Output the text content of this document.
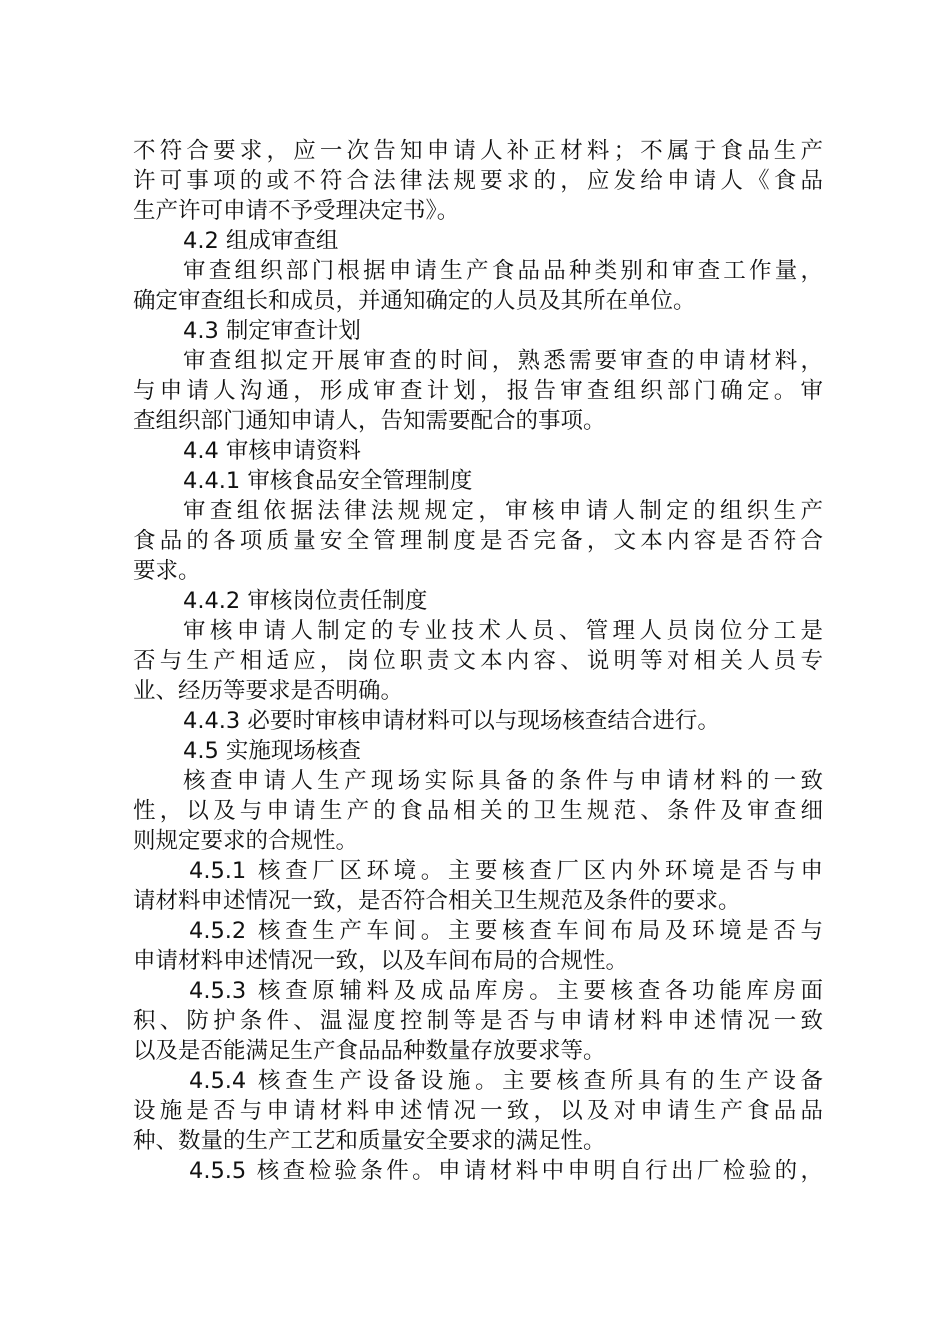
不符合要求，应一次告知申请人补正材料；不属于食品生产
许可事项的或不符合法律法规要求的，应发给申请人《食品
生产许可申请不予受理决定书》。
4.2 组成审查组
审查组织部门根据申请生产食品品种类别和审查工作量，
确定审查组长和成员，并通知确定的人员及其所在单位。
4.3 制定审查计划
审查组拟定开展审查的时间，熟悉需要审查的申请材料，
与申请人沟通，形成审查计划，报告审查组织部门确定。审
查组织部门通知申请人，告知需要配合的事项。
4.4 审核申请资料
4.4.1 审核食品安全管理制度
审查组依据法律法规规定，审核申请人制定的组织生产
食品的各项质量安全管理制度是否完备，文本内容是否符合
要求。
4.4.2 审核岗位责任制度
审核申请人制定的专业技术人员、管理人员岗位分工是
否与生产相适应，岗位职责文本内容、说明等对相关人员专
业、经历等要求是否明确。
4.4.3 必要时审核申请材料可以与现场核查结合进行。
4.5 实施现场核查
核查申请人生产现场实际具备的条件与申请材料的一致
性，以及与申请生产的食品相关的卫生规范、条件及审查细
则规定要求的合规性。
4.5.1 核查厂区环境。主要核查厂区内外环境是否与申
请材料申述情况一致，是否符合相关卫生规范及条件的要求。
4.5.2 核查生产车间。主要核查车间布局及环境是否与
申请材料申述情况一致，以及车间布局的合规性。
4.5.3 核查原辅料及成品库房。主要核查各功能库房面
积、防护条件、温湿度控制等是否与申请材料申述情况一致
以及是否能满足生产食品品种数量存放要求等。
4.5.4 核查生产设备设施。主要核查所具有的生产设备
设施是否与申请材料申述情况一致，以及对申请生产食品品
种、数量的生产工艺和质量安全要求的满足性。
4.5.5 核查检验条件。申请材料中申明自行出厂检验的，
